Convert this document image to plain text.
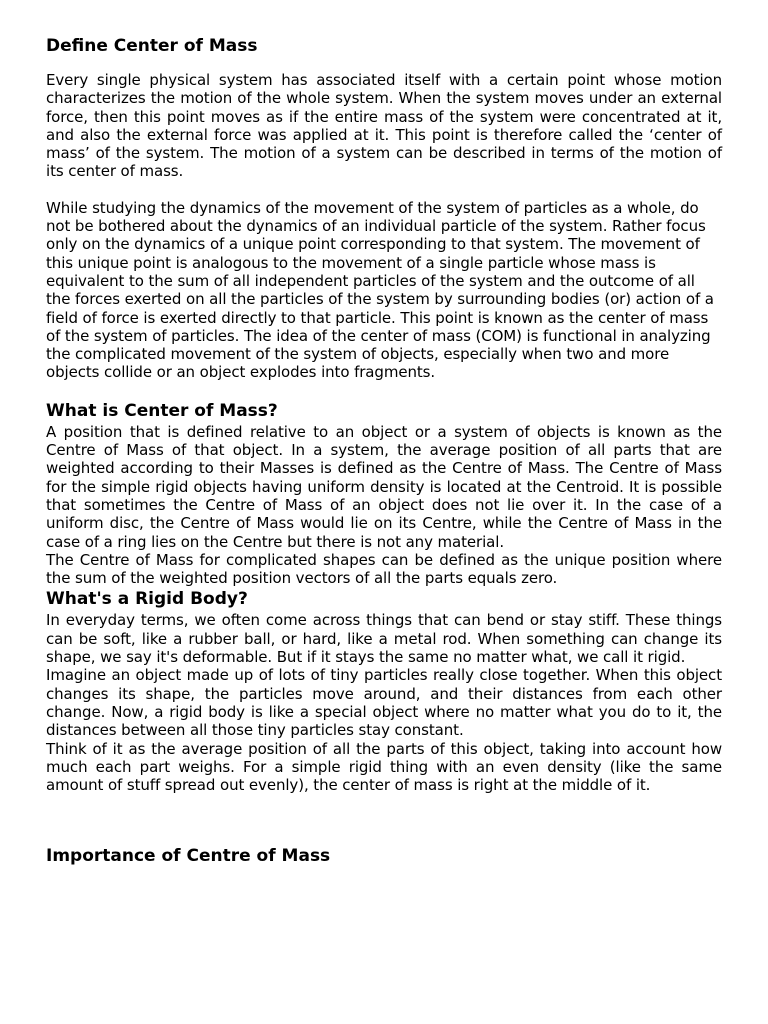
Define Center of Mass

Every single physical system has associated itself with a certain point whose motion characterizes the motion of the whole system. When the system moves under an external force, then this point moves as if the entire mass of the system were concentrated at it, and also the external force was applied at it. This point is therefore called the ‘center of mass’ of the system. The motion of a system can be described in terms of the motion of its center of mass.

While studying the dynamics of the movement of the system of particles as a whole, do not be bothered about the dynamics of an individual particle of the system. Rather focus only on the dynamics of a unique point corresponding to that system. The movement of this unique point is analogous to the movement of a single particle whose mass is equivalent to the sum of all independent particles of the system and the outcome of all the forces exerted on all the particles of the system by surrounding bodies (or) action of a field of force is exerted directly to that particle. This point is known as the center of mass of the system of particles. The idea of the center of mass (COM) is functional in analyzing the complicated movement of the system of objects, especially when two and more objects collide or an object explodes into fragments.

What is Center of Mass?

A position that is defined relative to an object or a system of objects is known as the Centre of Mass of that object. In a system, the average position of all parts that are weighted according to their Masses is defined as the Centre of Mass. The Centre of Mass for the simple rigid objects having uniform density is located at the Centroid. It is possible that sometimes the Centre of Mass of an object does not lie over it. In the case of a uniform disc, the Centre of Mass would lie on its Centre, while the Centre of Mass in the case of a ring lies on the Centre but there is not any material.

The Centre of Mass for complicated shapes can be defined as the unique position where the sum of the weighted position vectors of all the parts equals zero.

What's a Rigid Body?

In everyday terms, we often come across things that can bend or stay stiff. These things can be soft, like a rubber ball, or hard, like a metal rod. When something can change its shape, we say it's deformable. But if it stays the same no matter what, we call it rigid.

Imagine an object made up of lots of tiny particles really close together. When this object changes its shape, the particles move around, and their distances from each other change. Now, a rigid body is like a special object where no matter what you do to it, the distances between all those tiny particles stay constant.

Think of it as the average position of all the parts of this object, taking into account how much each part weighs. For a simple rigid thing with an even density (like the same amount of stuff spread out evenly), the center of mass is right at the middle of it.

Importance of Centre of Mass
